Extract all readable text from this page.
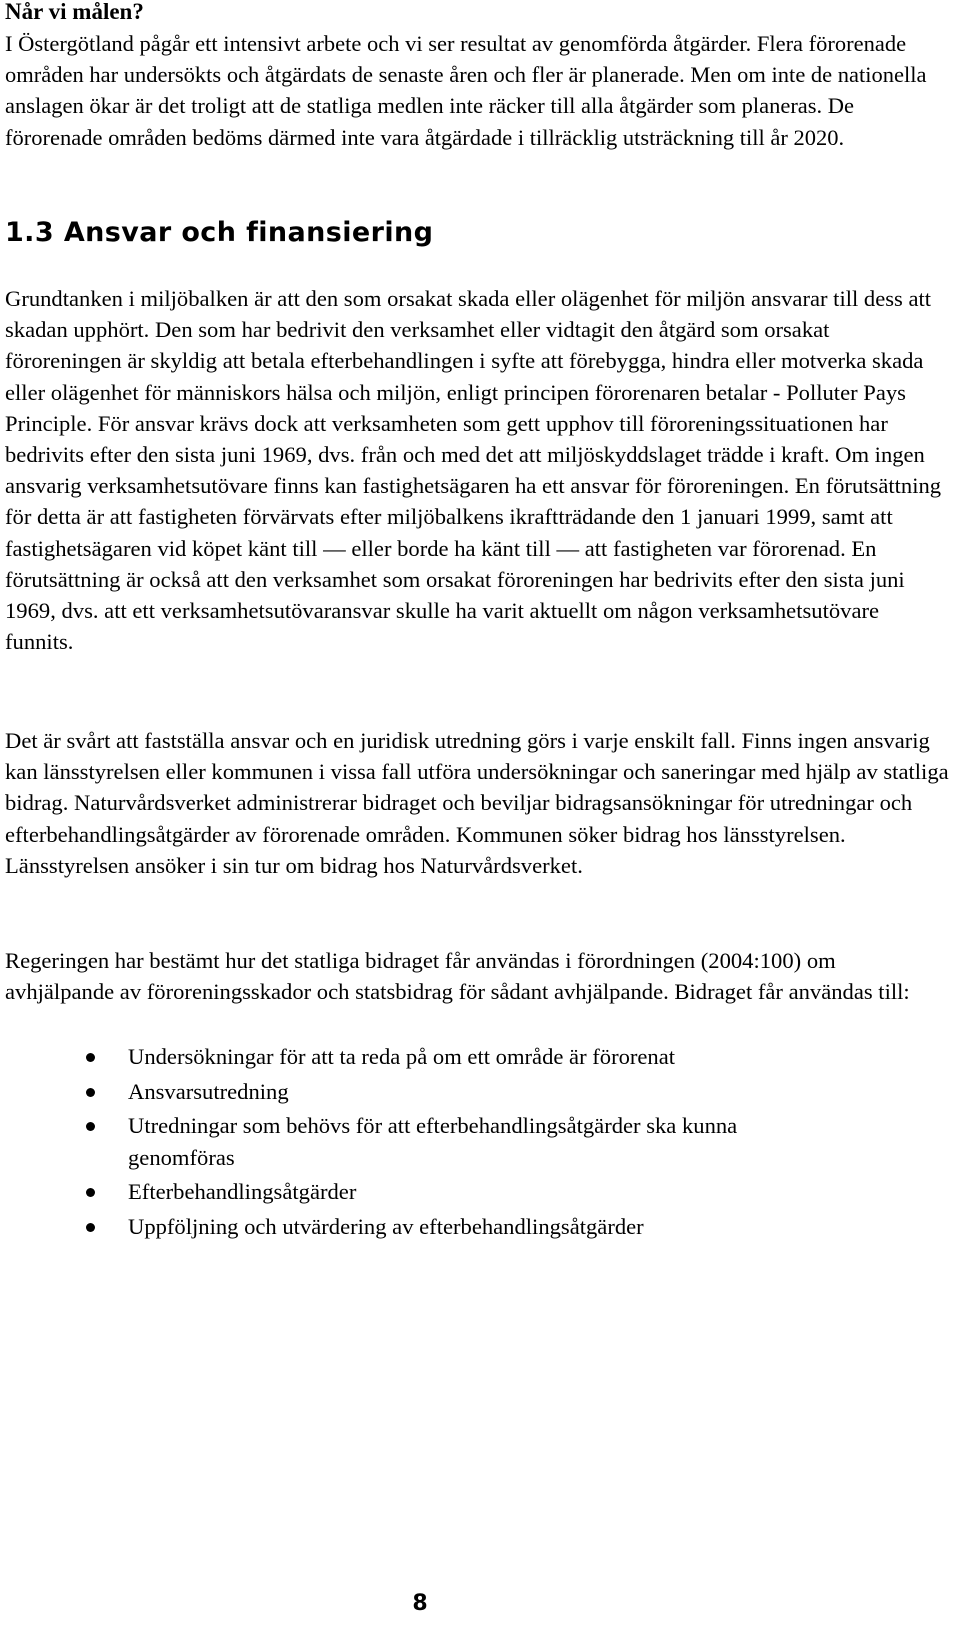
Når vi målen?
I Östergötland pågår ett intensivt arbete och vi ser resultat av genomförda åtgärder. Flera förorenade områden har undersökts och åtgärdats de senaste åren och fler är planerade. Men om inte de nationella anslagen ökar är det troligt att de statliga medlen inte räcker till alla åtgärder som planeras. De förorenade områden bedöms därmed inte vara åtgärdade i tillräcklig utsträckning till år 2020.
1.3 Ansvar och finansiering
Grundtanken i miljöbalken är att den som orsakat skada eller olägenhet för miljön ansvarar till dess att skadan upphört. Den som har bedrivit den verksamhet eller vidtagit den åtgärd som orsakat föroreningen är skyldig att betala efterbehandlingen i syfte att förebygga, hindra eller motverka skada eller olägenhet för människors hälsa och miljön, enligt principen förorenaren betalar - Polluter Pays Principle. För ansvar krävs dock att verksamheten som gett upphov till föroreningssituationen har bedrivits efter den sista juni 1969, dvs. från och med det att miljöskyddslaget trädde i kraft. Om ingen ansvarig verksamhetsutövare finns kan fastighetsägaren ha ett ansvar för föroreningen. En förutsättning för detta är att fastigheten förvärvats efter miljöbalkens ikraftträdande den 1 januari 1999, samt att fastighetsägaren vid köpet känt till — eller borde ha känt till — att fastigheten var förorenad. En förutsättning är också att den verksamhet som orsakat föroreningen har bedrivits efter den sista juni 1969, dvs. att ett verksamhetsutövaransvar skulle ha varit aktuellt om någon verksamhetsutövare funnits.
Det är svårt att fastställa ansvar och en juridisk utredning görs i varje enskilt fall. Finns ingen ansvarig kan länsstyrelsen eller kommunen i vissa fall utföra undersökningar och saneringar med hjälp av statliga bidrag. Naturvårdsverket administrerar bidraget och beviljar bidragsansökningar för utredningar och efterbehandlingsåtgärder av förorenade områden. Kommunen söker bidrag hos länsstyrelsen. Länsstyrelsen ansöker i sin tur om bidrag hos Naturvårdsverket.
Regeringen har bestämt hur det statliga bidraget får användas i förordningen (2004:100) om avhjälpande av föroreningsskador och statsbidrag för sådant avhjälpande. Bidraget får användas till:
Undersökningar för att ta reda på om ett område är förorenat
Ansvarsutredning
Utredningar som behövs för att efterbehandlingsåtgärder ska kunna genomföras
Efterbehandlingsåtgärder
Uppföljning och utvärdering av efterbehandlingsåtgärder
8
